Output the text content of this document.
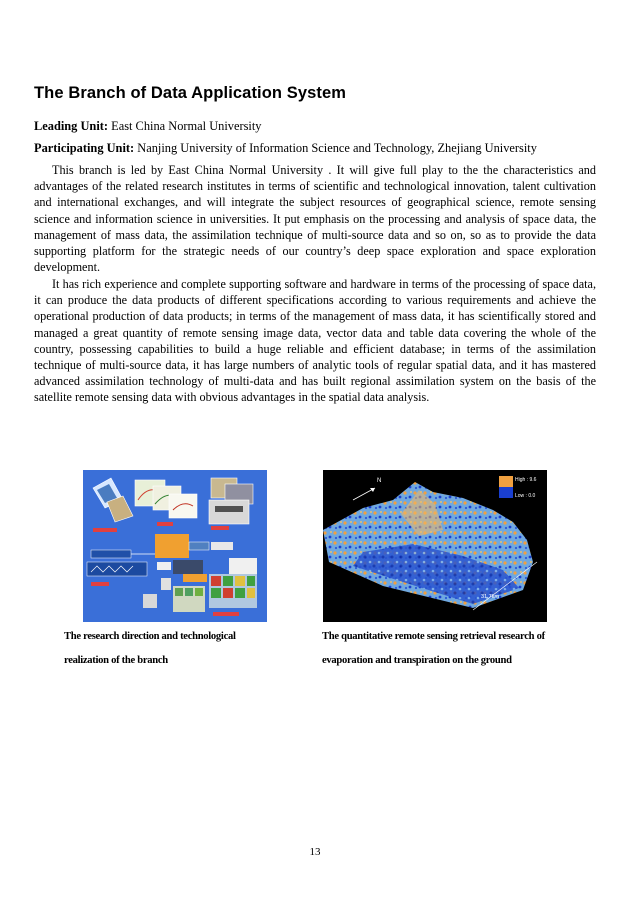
The Branch of Data Application System
Leading Unit: East China Normal University
Participating Unit: Nanjing University of Information Science and Technology, Zhejiang University

This branch is led by East China Normal University . It will give full play to the the characteristics and advantages of the related research institutes in terms of scientific and technological innovation, talent cultivation and international exchanges, and will integrate the subject resources of geographical science, remote sensing science and information science in universities. It put emphasis on the processing and analysis of space data, the management of mass data, the assimilation technique of multi-source data and so on, so as to provide the data supporting platform for the strategic needs of our country’s deep space exploration and space exploration development.

It has rich experience and complete supporting software and hardware in terms of the processing of space data, it can produce the data products of different specifications according to various requirements and achieve the operational production of data products; in terms of the management of mass data, it has scientifically stored and managed a great quantity of remote sensing image data, vector data and table data covering the whole of the country, possessing capabilities to build a huge reliable and efficient database; in terms of the assimilation technique of multi-source data, it has large numbers of analytic tools of regular spatial data, and it has mastered advanced assimilation technology of multi-data and has built regional assimilation system on the basis of the satellite remote sensing data with obvious advantages in the spatial data analysis.

N	High : 9.6
Low : 0.0
31.7km
The research direction and technological
realization of the branch
The quantitative remote sensing retrieval research of
evaporation and transpiration on the ground
13
